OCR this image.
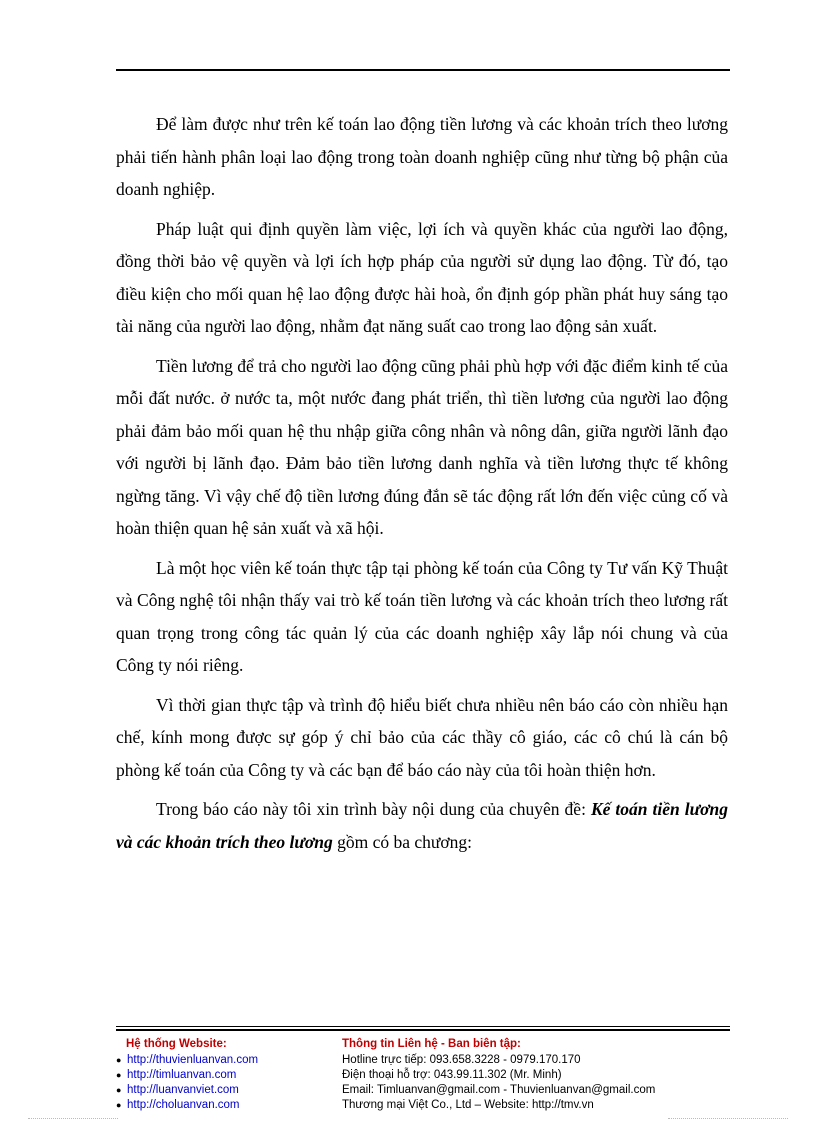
Để làm được như trên kế toán lao động tiền lương và các khoản trích theo lương phải tiến hành phân loại lao động trong toàn doanh nghiệp cũng như từng bộ phận của doanh nghiệp.

Pháp luật qui định quyền làm việc, lợi ích và quyền khác của người lao động, đồng thời bảo vệ quyền và lợi ích hợp pháp của người sử dụng lao động. Từ đó, tạo điều kiện cho mối quan hệ lao động được hài hoà, ổn định góp phần phát huy sáng tạo tài năng của người lao động, nhằm đạt năng suất cao trong lao động sản xuất.

Tiền lương để trả cho người lao động cũng phải phù hợp với đặc điểm kinh tế của mỗi đất nước. ở nước ta, một nước đang phát triển, thì tiền lương của người lao động phải đảm bảo mối quan hệ thu nhập giữa công nhân và nông dân, giữa người lãnh đạo với người bị lãnh đạo. Đảm bảo tiền lương danh nghĩa và tiền lương thực tế không ngừng tăng. Vì vậy chế độ tiền lương đúng đắn sẽ tác động rất lớn đến việc củng cố và hoàn thiện quan hệ sản xuất và xã hội.

Là một học viên kế toán thực tập tại phòng kế toán của Công ty Tư vấn Kỹ Thuật và Công nghệ tôi nhận thấy vai trò kế toán tiền lương và các khoản trích theo lương rất quan trọng trong công tác quản lý của các doanh nghiệp xây lắp nói chung và của Công ty nói riêng.

Vì thời gian thực tập và trình độ hiểu biết chưa nhiều nên báo cáo còn nhiều hạn chế, kính mong được sự góp ý chỉ bảo của các thầy cô giáo, các cô chú là cán bộ phòng kế toán của Công ty và các bạn để báo cáo này của tôi hoàn thiện hơn.

Trong báo cáo này tôi xin trình bày nội dung của chuyên đề: Kế toán tiền lương và các khoản trích theo lương gồm có ba chương:

Hệ thống Website:
● http://thuvienluanvan.com
● http://timluanvan.com
● http://luanvanviet.com
● http://choluanvan.com
Thông tin Liên hệ - Ban biên tập:
Hotline trực tiếp: 093.658.3228 - 0979.170.170
Điện thoại hỗ trợ: 043.99.11.302 (Mr. Minh)
Email: Timluanvan@gmail.com - Thuvienluanvan@gmail.com
Thương mại Việt Co., Ltd – Website: http://tmv.vn
